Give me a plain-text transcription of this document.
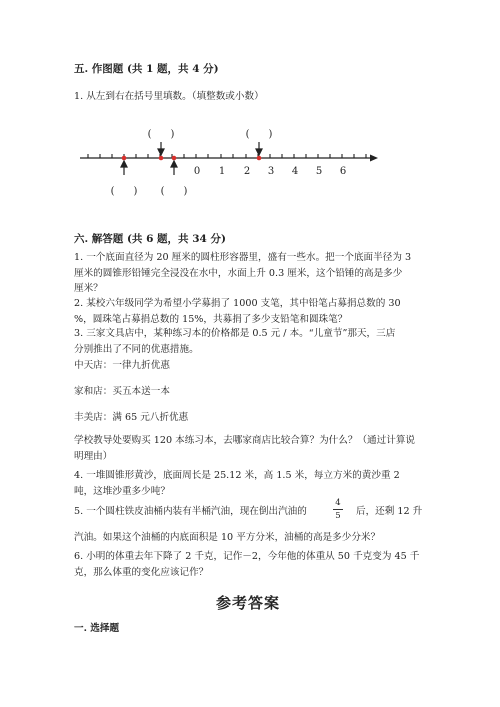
五. 作图题 (共 1 题，共 4 分)

1. 从左到右在括号里填数。（填整数或小数）

0 1 2 3 4 5 6
(      )	(      )
(      ) (      )

六. 解答题 (共 6 题，共 34 分)

1. 一个底面直径为 20 厘米的圆柱形容器里，盛有一些水。把一个底面半径为 3
厘米的圆锥形铅锤完全浸没在水中，水面上升 0.3 厘米，这个铅锤的高是多少
厘米？
2. 某校六年级同学为希望小学募捐了 1000 支笔，其中铅笔占募捐总数的 30
%，圆珠笔占募捐总数的 15%，共募捐了多少支铅笔和圆珠笔？
3. 三家文具店中，某种练习本的价格都是 0.5 元 / 本。“儿童节”那天，三店
分别推出了不同的优惠措施。

中天店：一律九折优惠

家和店：买五本送一本

丰美店：满 65 元八折优惠

学校教导处要购买 120 本练习本，去哪家商店比较合算？为什么？（通过计算说
明理由）
4. 一堆圆锥形黄沙，底面周长是 25.12 米，高 1.5 米，每立方米的黄沙重 2
吨，这堆沙重多少吨？

5. 一个圆柱铁皮油桶内装有半桶汽油，现在倒出汽油的

4
5 后，还剩 12 升

汽油。如果这个油桶的内底面积是 10 平方分米，油桶的高是多少分米？

6. 小明的体重去年下降了 2 千克，记作－2，今年他的体重从 50 千克变为 45 千
克，那么体重的变化应该记作？

参考答案

一. 选择题
